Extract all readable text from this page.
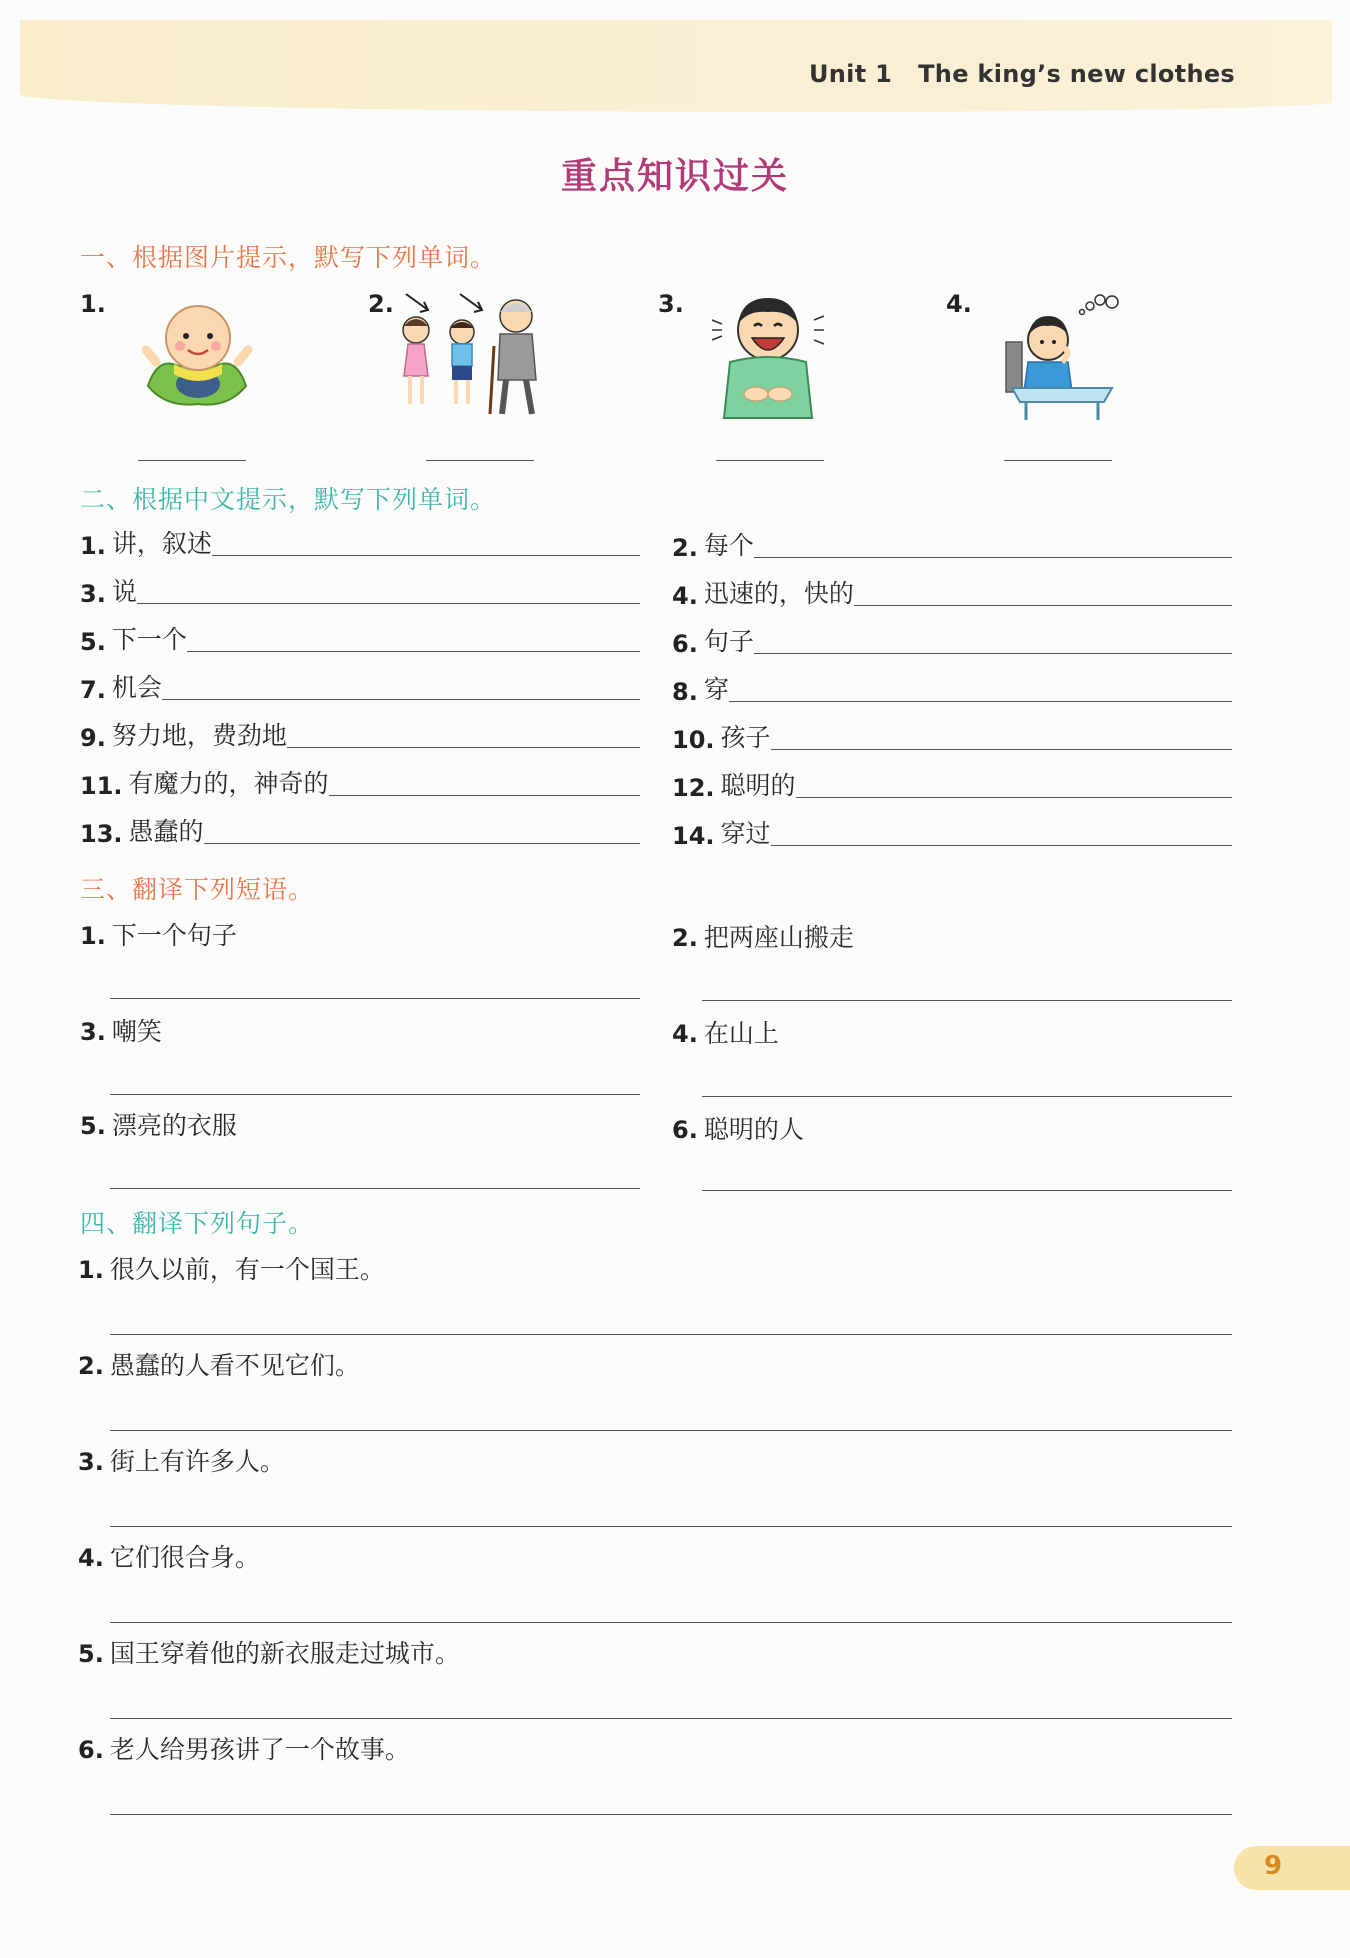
Unit 1 The king’s new clothes
重点知识过关
一、根据图片提示，默写下列单词。
1.	2.	3.	4.
二、根据中文提示，默写下列单词。
1. 讲，叙述	2. 每个
3. 说	4. 迅速的，快的
5. 下一个	6. 句子
7. 机会	8. 穿
9. 努力地，费劲地	10. 孩子
11. 有魔力的，神奇的	12. 聪明的
13. 愚蠢的	14. 穿过
三、翻译下列短语。
1. 下一个句子	2. 把两座山搬走
3. 嘲笑	4. 在山上
5. 漂亮的衣服	6. 聪明的人
四、翻译下列句子。
1. 很久以前，有一个国王。
2. 愚蠢的人看不见它们。
3. 街上有许多人。
4. 它们很合身。
5. 国王穿着他的新衣服走过城市。
6. 老人给男孩讲了一个故事。
9
